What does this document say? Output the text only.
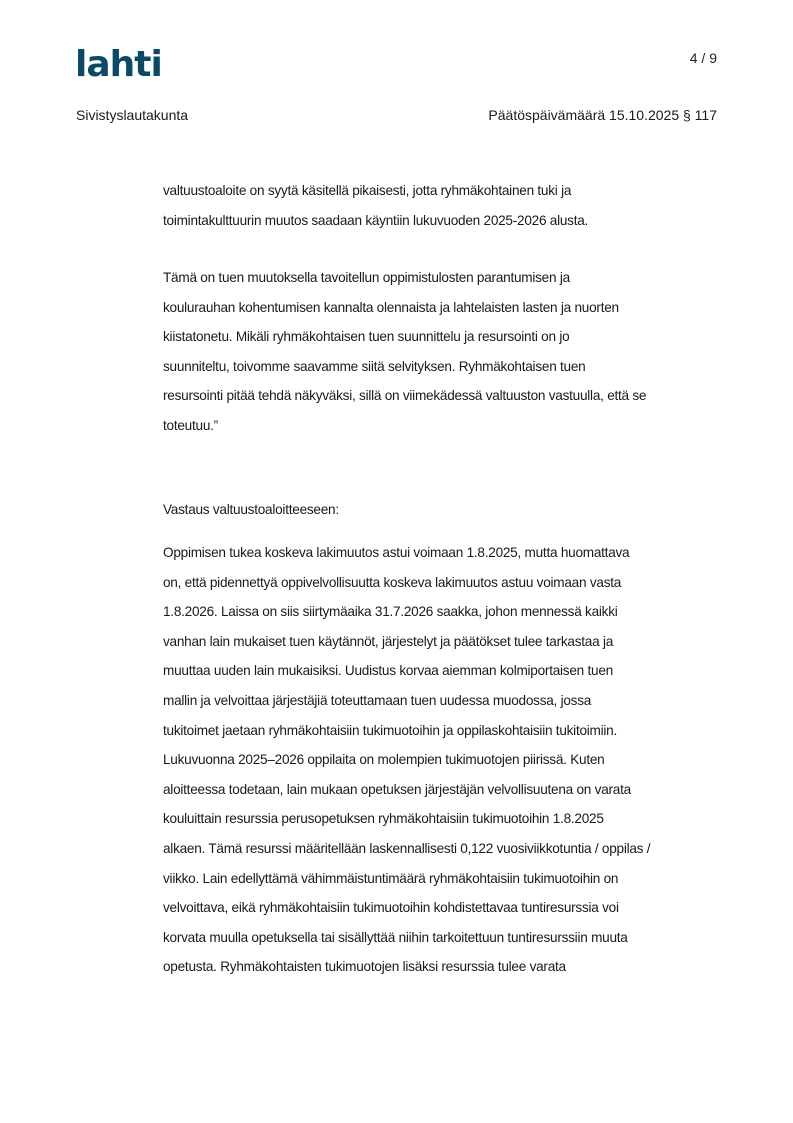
lahti	4 / 9
Sivistyslautakunta	Päätöspäivämäärä 15.10.2025 § 117
valtuustoaloite on syytä käsitellä pikaisesti, jotta ryhmäkohtainen tuki ja
toimintakulttuurin muutos saadaan käyntiin lukuvuoden 2025-2026 alusta.
Tämä on tuen muutoksella tavoitellun oppimistulosten parantumisen ja
koulurauhan kohentumisen kannalta olennaista ja lahtelaisten lasten ja nuorten
kiistatonetu. Mikäli ryhmäkohtaisen tuen suunnittelu ja resursointi on jo
suunniteltu, toivomme saavamme siitä selvityksen. Ryhmäkohtaisen tuen
resursointi pitää tehdä näkyväksi, sillä on viimekädessä valtuuston vastuulla, että se
toteutuu.”
Vastaus valtuustoaloitteeseen:
Oppimisen tukea koskeva lakimuutos astui voimaan 1.8.2025, mutta huomattava
on, että pidennettyä oppivelvollisuutta koskeva lakimuutos astuu voimaan vasta
1.8.2026. Laissa on siis siirtymäaika 31.7.2026 saakka, johon mennessä kaikki
vanhan lain mukaiset tuen käytännöt, järjestelyt ja päätökset tulee tarkastaa ja
muuttaa uuden lain mukaisiksi. Uudistus korvaa aiemman kolmiportaisen tuen
mallin ja velvoittaa järjestäjiä toteuttamaan tuen uudessa muodossa, jossa
tukitoimet jaetaan ryhmäkohtaisiin tukimuotoihin ja oppilaskohtaisiin tukitoimiin.
Lukuvuonna 2025–2026 oppilaita on molempien tukimuotojen piirissä. Kuten
aloitteessa todetaan, lain mukaan opetuksen järjestäjän velvollisuutena on varata
kouluittain resurssia perusopetuksen ryhmäkohtaisiin tukimuotoihin 1.8.2025
alkaen. Tämä resurssi määritellään laskennallisesti 0,122 vuosiviikkotuntia / oppilas /
viikko. Lain edellyttämä vähimmäistuntimäärä ryhmäkohtaisiin tukimuotoihin on
velvoittava, eikä ryhmäkohtaisiin tukimuotoihin kohdistettavaa tuntiresurssia voi
korvata muulla opetuksella tai sisällyttää niihin tarkoitettuun tuntiresurssiin muuta
opetusta. Ryhmäkohtaisten tukimuotojen lisäksi resurssia tulee varata
